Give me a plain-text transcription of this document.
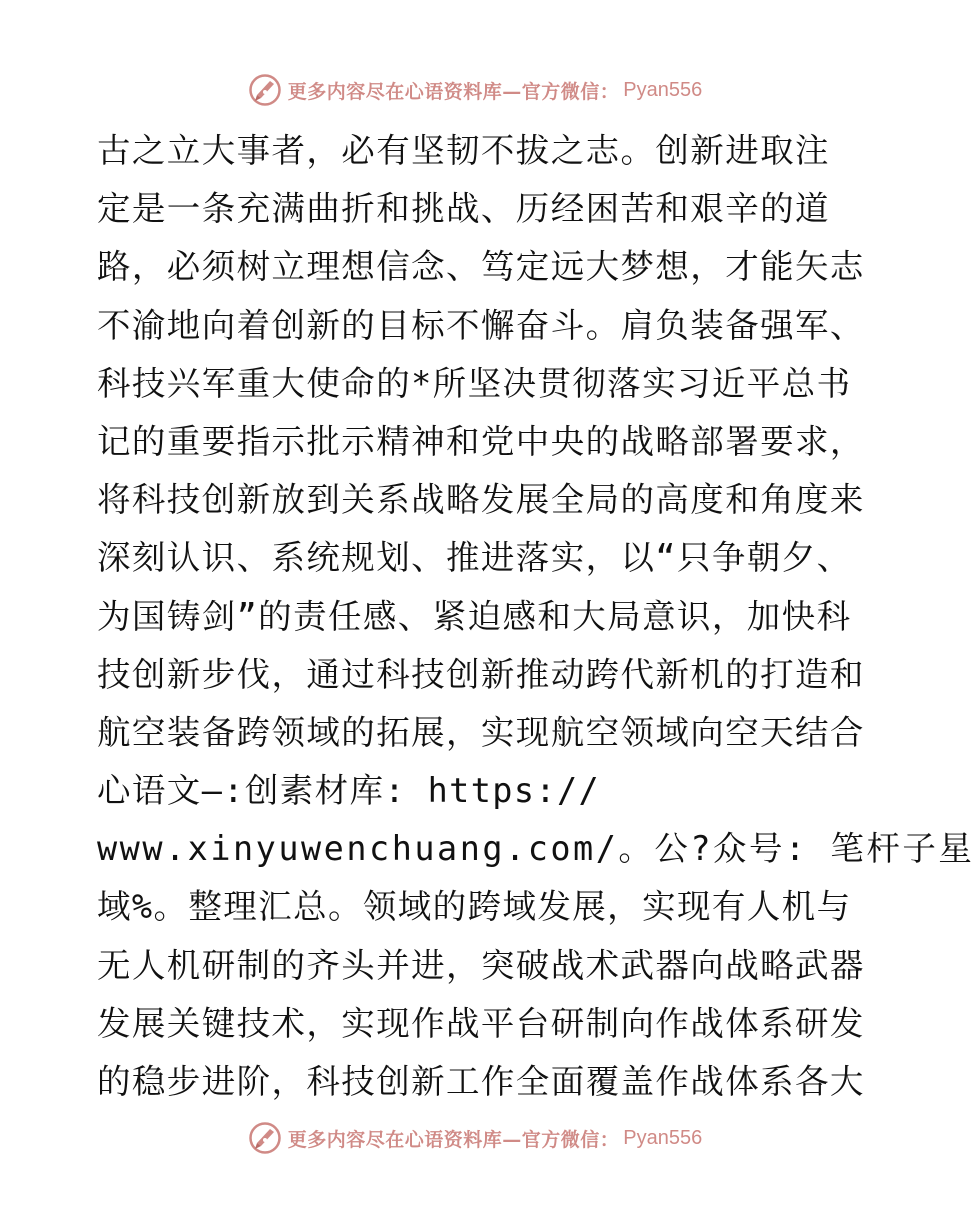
更多内容尽在心语资料库—官方微信： Pyan556
古之立大事者，必有坚韧不拔之志。创新进取注
定是一条充满曲折和挑战、历经困苦和艰辛的道
路，必须树立理想信念、笃定远大梦想，才能矢志
不渝地向着创新的目标不懈奋斗。肩负装备强军、
科技兴军重大使命的*所坚决贯彻落实习近平总书
记的重要指示批示精神和党中央的战略部署要求，
将科技创新放到关系战略发展全局的高度和角度来
深刻认识、系统规划、推进落实，以“只争朝夕、
为国铸剑”的责任感、紧迫感和大局意识，加快科
技创新步伐，通过科技创新推动跨代新机的打造和
航空装备跨领域的拓展，实现航空领域向空天结合
心语文—:创素材库: https://
www.xinyuwenchuang.com/。公?众号: 笔杆子星
域%。整理汇总。领域的跨域发展，实现有人机与
无人机研制的齐头并进，突破战术武器向战略武器
发展关键技术，实现作战平台研制向作战体系研发
的稳步进阶，科技创新工作全面覆盖作战体系各大
更多内容尽在心语资料库—官方微信： Pyan556
